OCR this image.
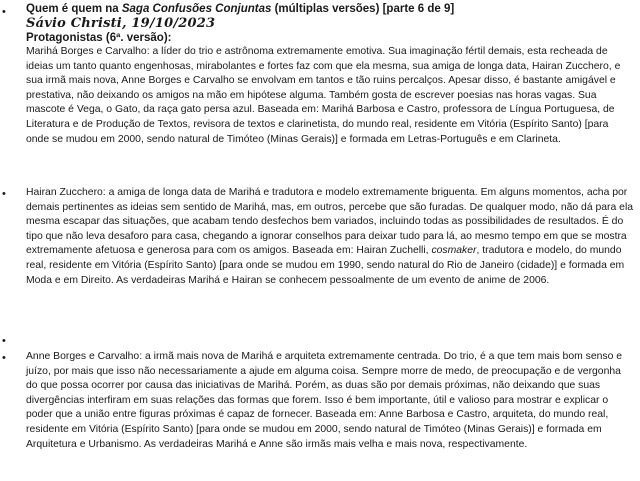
• Quem é quem na Saga Confusões Conjuntas (múltiplas versões) [parte 6 de 9]
Sávio Christi, 19/10/2023
Protagonistas (6ª. versão):
Marihá Borges e Carvalho: a líder do trio e astrônoma extremamente emotiva. Sua imaginação fértil demais, esta recheada de ideias um tanto quanto engenhosas, mirabolantes e fortes faz com que ela mesma, sua amiga de longa data, Hairan Zucchero, e sua irmã mais nova, Anne Borges e Carvalho se envolvam em tantos e tão ruins percalços. Apesar disso, é bastante amigável e prestativa, não deixando os amigos na mão em hipótese alguma. Também gosta de escrever poesias nas horas vagas. Sua mascote é Vega, o Gato, da raça gato persa azul. Baseada em: Marihá Barbosa e Castro, professora de Língua Portuguesa, de Literatura e de Produção de Textos, revisora de textos e clarinetista, do mundo real, residente em Vitória (Espírito Santo) [para onde se mudou em 2000, sendo natural de Timóteo (Minas Gerais)] e formada em Letras-Português e em Clarineta.
• Hairan Zucchero: a amiga de longa data de Marihá e tradutora e modelo extremamente briguenta. Em alguns momentos, acha por demais pertinentes as ideias sem sentido de Marihá, mas, em outros, percebe que são furadas. De qualquer modo, não dá para ela mesma escapar das situações, que acabam tendo desfechos bem variados, incluindo todas as possibilidades de resultados. É do tipo que não leva desaforo para casa, chegando a ignorar conselhos para deixar tudo para lá, ao mesmo tempo em que se mostra extremamente afetuosa e generosa para com os amigos. Baseada em: Hairan Zuchelli, cosmaker, tradutora e modelo, do mundo real, residente em Vitória (Espírito Santo) [para onde se mudou em 1990, sendo natural do Rio de Janeiro (cidade)] e formada em Moda e em Direito. As verdadeiras Marihá e Hairan se conhecem pessoalmente de um evento de anime de 2006.
•
• Anne Borges e Carvalho: a irmã mais nova de Marihá e arquiteta extremamente centrada. Do trio, é a que tem mais bom senso e juízo, por mais que isso não necessariamente a ajude em alguma coisa. Sempre morre de medo, de preocupação e de vergonha do que possa ocorrer por causa das iniciativas de Marihá. Porém, as duas são por demais próximas, não deixando que suas divergências interfiram em suas relações das formas que forem. Isso é bem importante, útil e valioso para mostrar e explicar o poder que a união entre figuras próximas é capaz de fornecer. Baseada em: Anne Barbosa e Castro, arquiteta, do mundo real, residente em Vitória (Espírito Santo) [para onde se mudou em 2000, sendo natural de Timóteo (Minas Gerais)] e formada em Arquitetura e Urbanismo. As verdadeiras Marihá e Anne são irmãs mais velha e mais nova, respectivamente.
